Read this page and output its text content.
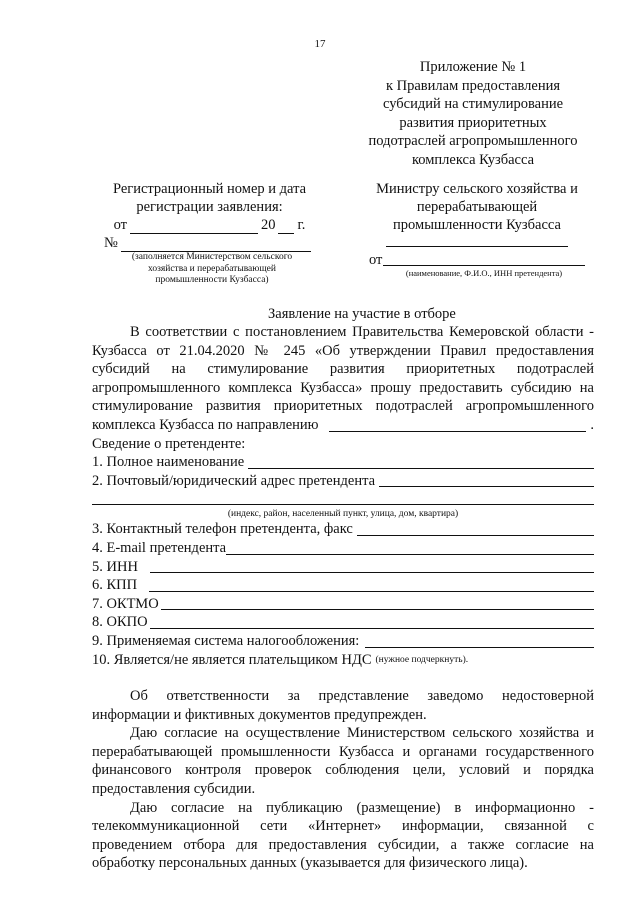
17
Приложение № 1
к Правилам предоставления
субсидий на стимулирование
развития приоритетных
подотраслей агропромышленного
комплекса Кузбасса
Регистрационный номер и дата
регистрации заявления:
от	20 г.
№
(заполняется Министерством сельского
хозяйства и перерабатывающей
промышленности Кузбасса)
Министру сельского хозяйства и
перерабатывающей
промышленности Кузбасса
от
(наименование, Ф.И.О., ИНН претендента)
Заявление на участие в отборе

В соответствии с постановлением Правительства Кемеровской области -

Кузбасса от 21.04.2020 № 245 «Об утверждении Правил предоставления

субсидий на стимулирование развития приоритетных подотраслей

агропромышленного комплекса Кузбасса» прошу предоставить субсидию на

стимулирование развития приоритетных подотраслей агропромышленного

комплекса Кузбасса по направлению	.

Сведение о претенденте:

1. Полное наименование
2. Почтовый/юридический адрес претендента
(индекс, район, населенный пункт, улица, дом, квартира)
3. Контактный телефон претендента, факс
4. E-mail претендента
5. ИНН
6. КПП
7. ОКТМО
8. ОКПО
9. Применяемая система налогообложения:
10. Является/не является плательщиком НДС (нужное подчеркнуть).

Об ответственности за представление заведомо недостоверной

информации и фиктивных документов предупрежден.

Даю согласие на осуществление Министерством сельского хозяйства и

перерабатывающей промышленности Кузбасса и органами государственного

финансового контроля проверок соблюдения цели, условий и порядка

предоставления субсидии.

Даю согласие на публикацию (размещение) в информационно -

телекоммуникационной сети «Интернет» информации, связанной с

проведением отбора для предоставления субсидии, а также согласие на

обработку персональных данных (указывается для физического лица).
